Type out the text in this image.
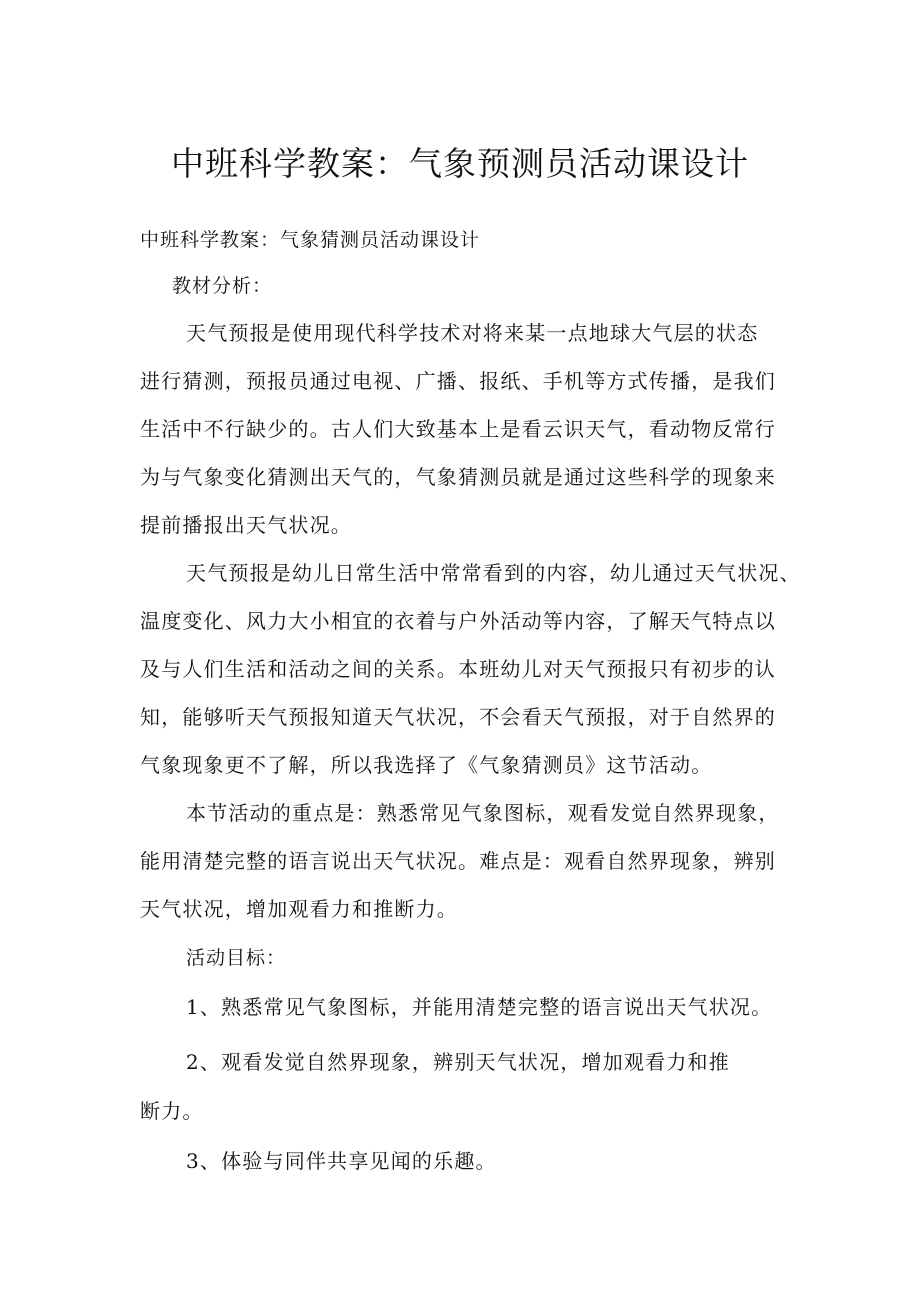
中班科学教案：气象预测员活动课设计

中班科学教案：气象猜测员活动课设计

教材分析：

天气预报是使用现代科学技术对将来某一点地球大气层的状态

进行猜测，预报员通过电视、广播、报纸、手机等方式传播，是我们

生活中不行缺少的。古人们大致基本上是看云识天气，看动物反常行

为与气象变化猜测出天气的，气象猜测员就是通过这些科学的现象来

提前播报出天气状况。

天气预报是幼儿日常生活中常常看到的内容，幼儿通过天气状况、

温度变化、风力大小相宜的衣着与户外活动等内容，了解天气特点以

及与人们生活和活动之间的关系。本班幼儿对天气预报只有初步的认

知，能够听天气预报知道天气状况，不会看天气预报，对于自然界的

气象现象更不了解，所以我选择了《气象猜测员》这节活动。

本节活动的重点是：熟悉常见气象图标，观看发觉自然界现象，

能用清楚完整的语言说出天气状况。难点是：观看自然界现象，辨别

天气状况，增加观看力和推断力。

活动目标：

1、熟悉常见气象图标，并能用清楚完整的语言说出天气状况。

2、观看发觉自然界现象，辨别天气状况，增加观看力和推

断力。

3、体验与同伴共享见闻的乐趣。
